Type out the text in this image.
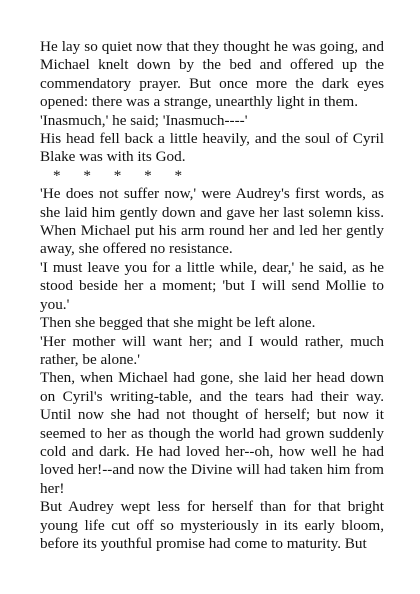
He lay so quiet now that they thought he was going, and Michael knelt down by the bed and offered up the commendatory prayer. But once more the dark eyes opened: there was a strange, unearthly light in them.

'Inasmuch,' he said; 'Inasmuch----'

His head fell back a little heavily, and the soul of Cyril Blake was with its God.

*      *      *      *      *

'He does not suffer now,' were Audrey's first words, as she laid him gently down and gave her last solemn kiss. When Michael put his arm round her and led her gently away, she offered no resistance.

'I must leave you for a little while, dear,' he said, as he stood beside her a moment; 'but I will send Mollie to you.'

Then she begged that she might be left alone.

'Her mother will want her; and I would rather, much rather, be alone.'

Then, when Michael had gone, she laid her head down on Cyril's writing-table, and the tears had their way. Until now she had not thought of herself; but now it seemed to her as though the world had grown suddenly cold and dark. He had loved her--oh, how well he had loved her!--and now the Divine will had taken him from her!

But Audrey wept less for herself than for that bright young life cut off so mysteriously in its early bloom, before its youthful promise had come to maturity. But
